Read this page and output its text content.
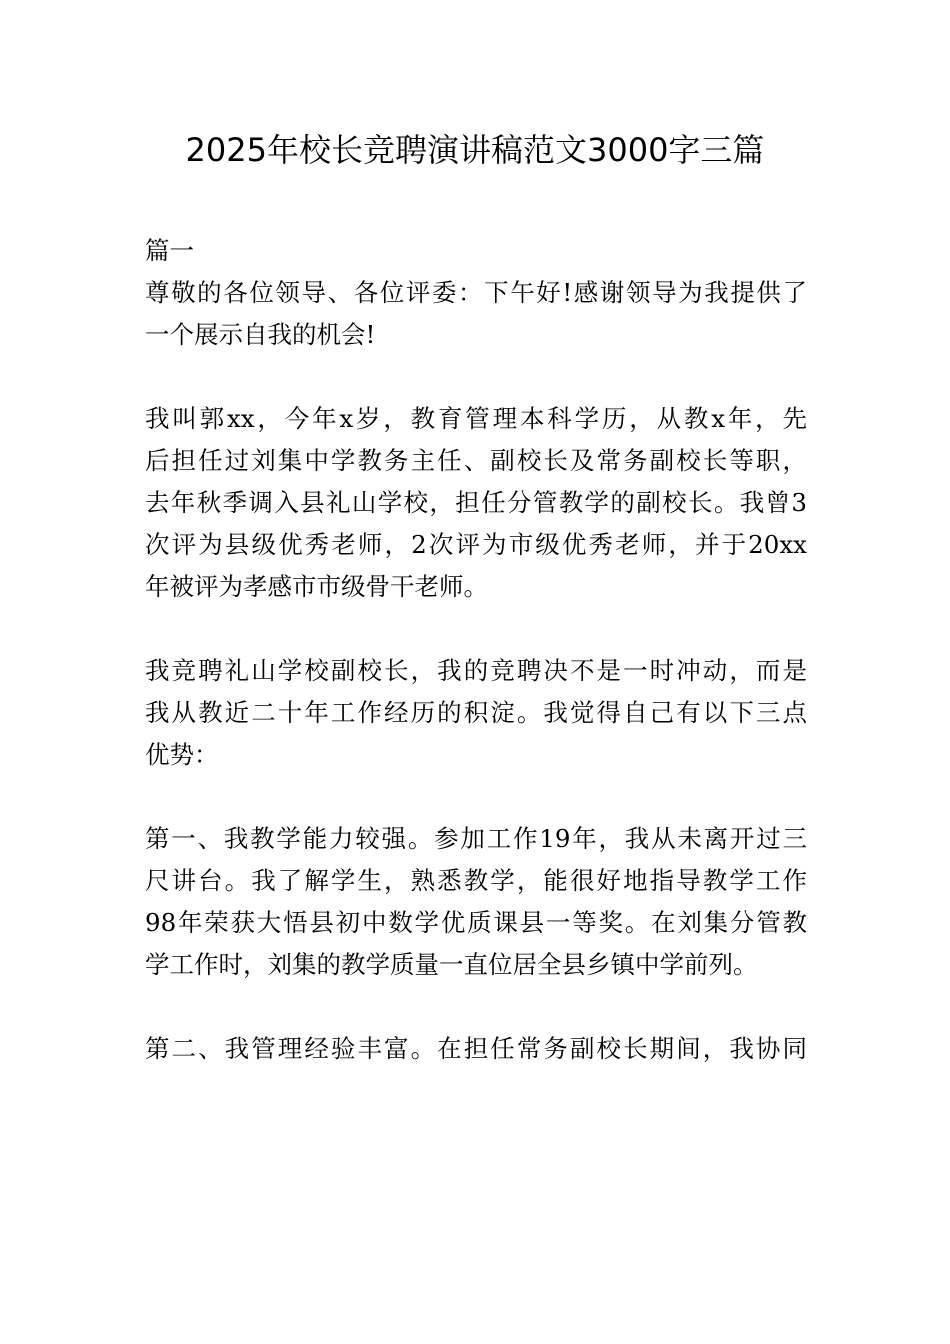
2025年校长竞聘演讲稿范文3000字三篇
篇一
尊敬的各位领导、各位评委：下午好!感谢领导为我提供了
一个展示自我的机会!
我叫郭xx，今年x岁，教育管理本科学历，从教x年，先
后担任过刘集中学教务主任、副校长及常务副校长等职，
去年秋季调入县礼山学校，担任分管教学的副校长。我曾3
次评为县级优秀老师，2次评为市级优秀老师，并于20xx
年被评为孝感市市级骨干老师。
我竞聘礼山学校副校长，我的竞聘决不是一时冲动，而是
我从教近二十年工作经历的积淀。我觉得自己有以下三点
优势：
第一、我教学能力较强。参加工作19年，我从未离开过三
尺讲台。我了解学生，熟悉教学，能很好地指导教学工作
98年荣获大悟县初中数学优质课县一等奖。在刘集分管教
学工作时，刘集的教学质量一直位居全县乡镇中学前列。
第二、我管理经验丰富。在担任常务副校长期间，我协同
